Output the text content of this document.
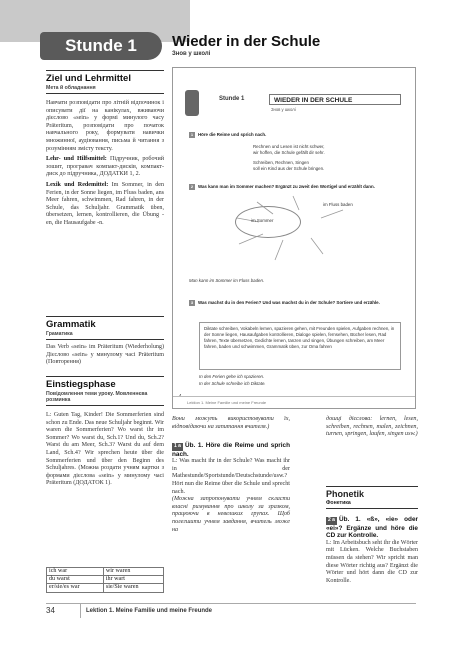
Stunde 1	Wieder in der Schule
Знов у школі
Ziel und Lehrmittel
Мета й обладнання
Навчати розповідати про літній відпочинок і описувати дії на канікулах, вживаючи дієслово «sein» у формі минулого часу Präteritum, розповідати про початок навчального року, формувати навички множинної, аудіювання, письма й читання з розумінням змісту тексту.
Lehr- und Hilfsmittel: Підручник, робочий зошит, програвач компакт-дисків, компакт-диск до підручника, ДОДАТКИ 1, 2.
Lexik und Redemittel: Im Sommer, in den Ferien, in der Sonne liegen, im Fluss baden, ans Meer fahren, schwimmen, Rad fahren, in der Schule, das Schuljahr. Grammatik üben, übersetzen, lernen, kontrollieren, die Übung -en, die Hausaufgabe -n.
Grammatik
Граматика
Das Verb «sein» im Präteritum (Wiederholung) Дієслово «sein» у минулому часі Präteritum (Повторення)
Einstiegsphase
Повідомлення теми уроку. Мовленнєва розминка
L: Guten Tag, Kinder! Die Sommerferien sind schon zu Ende. Das neue Schuljahr beginnt. Wir waren die Sommerferien? Wo warst ihr im Sommer? Wo warst du, Sch.1? Und du, Sch.2? Warst du am Meer, Sch.3? Warst du auf dem Land, Sch.4? Wir sprechen heute über die Sommerferien und über den Beginn des Schuljahres. (Можна роздати учням картки з формами дієслова «sein» у минулому часі Präteritum (ДОДАТОК 1).
ich war	wir waren
du warst	ihr wart
er/sie/es war	sie/Sie waren
Stunde 1	WIEDER IN DER SCHULE
Знов у школі
1 Höre die Reime und sprich nach.
Rechnen und Lesen ist nicht schwer,
wir hoffen, die Schule gefällt dir sehr.
Schreiben, Rechnen, Singen
soll ein Kind aus der Schule bringen.
2 Was kann man im Sommer machen? Ergänzt zu zweit den Wortigel und erzählt dann.
im Fluss baden
im Sommer
Man kann im Sommer im Fluss baden.
3 Was machst du in den Ferien? Und was machst du in der Schule? Sortiere und erzähle.
Diktate schreiben, Vokabeln lernen, spazieren gehen, mit Freunden spielen, Aufgaben rechnen, in der Sonne liegen, Hausaufgaben kontrollieren, Dialoge spielen, fernsehen, Bücher lesen, Rad fahren, Texte übersetzen, Gedichte lernen, tanzen und singen, Übungen schreiben, am Meer fahren, baden und schwimmen, Grammatik üben, zur Oma fahren
In den Ferien gehe ich spazieren.
In der Schule schreibe ich Diktate.
4
Lektion 1. Meine Familie und meine Freunde
Вони можуть використовувати їх, відповідаючи на запитання вчителя.)
1 а Üb. 1. Höre die Reime und sprich nach.
L: Was macht ihr in der Schule? Was macht ihr in der Mathestunde/Sportstunde/Deutschstunde/usw.? Hört nun die Reime über die Schule und sprecht nach.
(Можна запропонувати учням скласти власні римування про школу за зразком, працюючи в невеликих групах. Щоб полегшити учням завдання, вчитель може на
дошці дієслова: lernen, lesen, schreiben, rechnen, malen, zeichnen, turnen, springen, laufen, singen usw.)
Phonetik
Фонетика
2 а Üb. 1. «ß», «ie» oder «ei»? Ergänze und höre die CD zur Kontrolle.
L: Im Arbeitsbuch seht ihr die Wörter mit Lücken. Welche Buchstaben müssen da stehen? Wir spricht man diese Wörter richtig aus? Ergänzt die Wörter und hört dann die CD zur Kontrolle.
34	Lektion 1. Meine Familie und meine Freunde
